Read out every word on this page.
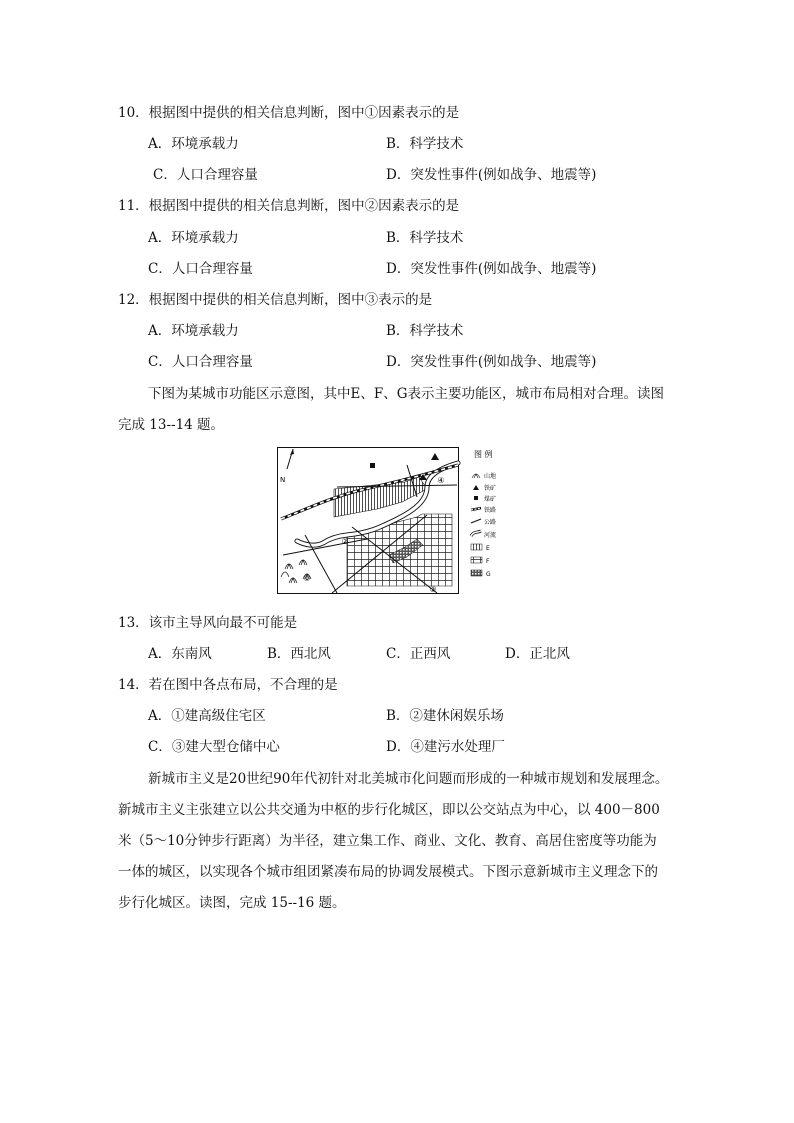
10．根据图中提供的相关信息判断，图中①因素表示的是
A．环境承载力	B．科学技术
C．人口合理容量	D．突发性事件(例如战争、地震等)
11．根据图中提供的相关信息判断，图中②因素表示的是
A．环境承载力	B．科学技术
C．人口合理容量	D．突发性事件(例如战争、地震等)
12．根据图中提供的相关信息判断，图中③表示的是
A．环境承载力	B．科学技术
C．人口合理容量	D．突发性事件(例如战争、地震等)
下图为某城市功能区示意图，其中E、F、G表示主要功能区，城市布局相对合理。读图
完成 13--14 题。
N
①
②
③
④
图 例
山地
铁矿
煤矿
铁路
公路
河流
E
F
G
13．该市主导风向最不可能是
A．东南风	B．西北风	C．正西风	D．正北风
14．若在图中各点布局，不合理的是
A．①建高级住宅区	B．②建休闲娱乐场
C．③建大型仓储中心	D．④建污水处理厂
新城市主义是20世纪90年代初针对北美城市化问题而形成的一种城市规划和发展理念。
新城市主义主张建立以公共交通为中枢的步行化城区，即以公交站点为中心，以 400－800
米（5～10分钟步行距离）为半径，建立集工作、商业、文化、教育、高居住密度等功能为
一体的城区，以实现各个城市组团紧凑布局的协调发展模式。下图示意新城市主义理念下的
步行化城区。读图，完成 15--16 题。
